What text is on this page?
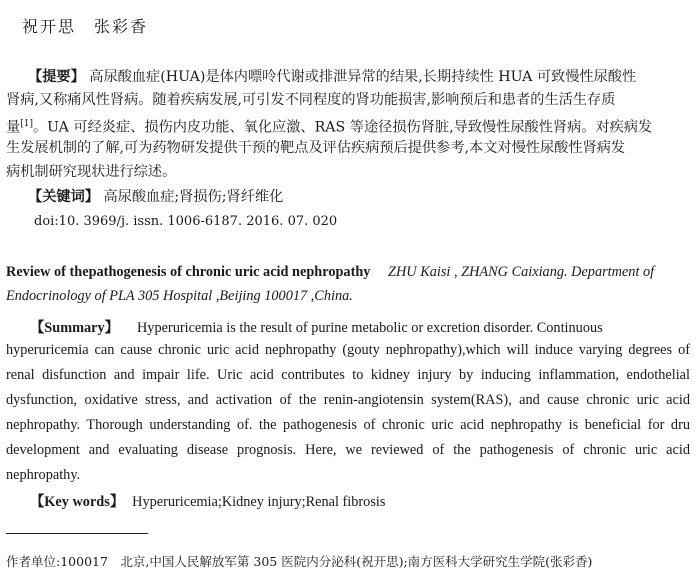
祝开思　张彩香
【提要】 高尿酸血症(HUA)是体内嘌呤代谢或排泄异常的结果,长期持续性 HUA 可致慢性尿酸性
肾病,又称痛风性肾病。随着疾病发展,可引发不同程度的肾功能损害,影响预后和患者的生活生存质
量[1]。UA 可经炎症、损伤内皮功能、氧化应激、RAS 等途径损伤肾脏,导致慢性尿酸性肾病。对疾病发
生发展机制的了解,可为药物研发提供干预的靶点及评估疾病预后提供参考,本文对慢性尿酸性肾病发
病机制研究现状进行综述。
【关键词】 高尿酸血症;肾损伤;肾纤维化
doi:10. 3969/j. issn. 1006-6187. 2016. 07. 020
Review of thepathogenesis of chronic uric acid nephropathy ZHU Kaisi , ZHANG Caixiang. Department of
Endocrinology of PLA 305 Hospital ,Beijing 100017 ,China.
【Summary】 Hyperuricemia is the result of purine metabolic or excretion disorder. Continuous
hyperuricemia can cause chronic uric acid nephropathy (gouty nephropathy),which will induce varying degrees of
renal disfunction and impair life. Uric acid contributes to kidney injury by inducing inflammation, endothelial
dysfunction, oxidative stress, and activation of the renin-angiotensin system(RAS), and cause chronic uric acid
nephropathy. Thorough understanding of. the pathogenesis of chronic uric acid nephropathy is beneficial for dru
development and evaluating disease prognosis. Here, we reviewed of the pathogenesis of chronic uric acid
nephropathy.
【Key words】 Hyperuricemia;Kidney injury;Renal fibrosis
作者单位:100017　北京,中国人民解放军第 305 医院内分泌科(祝开思);南方医科大学研究生学院(张彩香)
